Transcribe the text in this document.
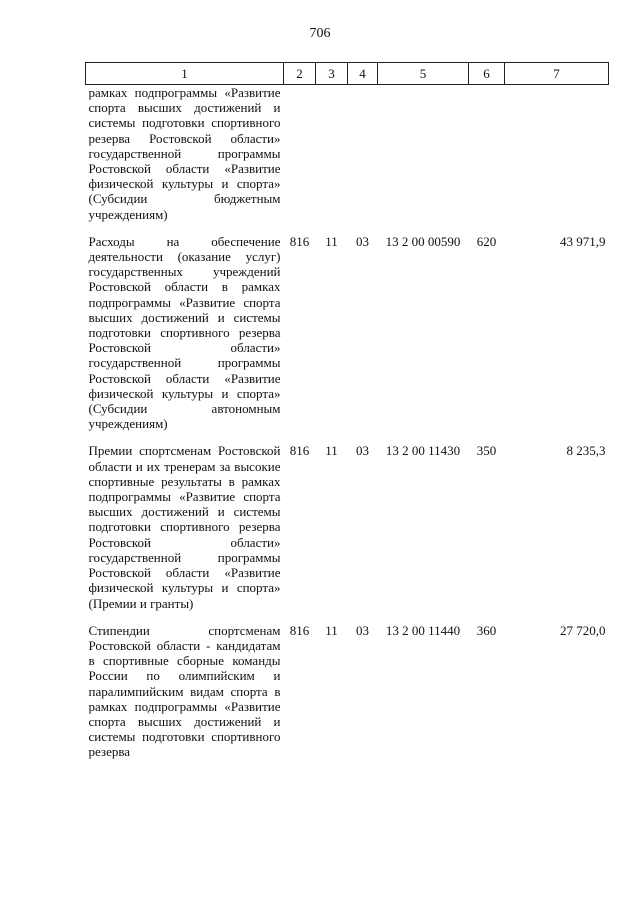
706
1	2	3	4	5	6	7
рамках подпрограммы «Развитие спорта высших достижений и системы подготовки спортивного резерва Ростовской области» государственной программы Ростовской области «Развитие физической культуры и спорта» (Субсидии бюджетным учреждениям)						
Расходы на обеспечение деятельности (оказание услуг) государственных учреждений Ростовской области в рамках подпрограммы «Развитие спорта высших достижений и системы подготовки спортивного резерва Ростовской области» государственной программы Ростовской области «Развитие физической культуры и спорта» (Субсидии автономным учреждениям)	816	11	03	13 2 00 00590	620	43 971,9
Премии спортсменам Ростовской области и их тренерам за высокие спортивные результаты в рамках подпрограммы «Развитие спорта высших достижений и системы подготовки спортивного резерва Ростовской области» государственной программы Ростовской области «Развитие физической культуры и спорта» (Премии и гранты)	816	11	03	13 2 00 11430	350	8 235,3
Стипендии спортсменам Ростовской области - кандидатам в спортивные сборные команды России по олимпийским и паралимпийским видам спорта в рамках подпрограммы «Развитие спорта высших достижений и системы подготовки спортивного резерва	816	11	03	13 2 00 11440	360	27 720,0
